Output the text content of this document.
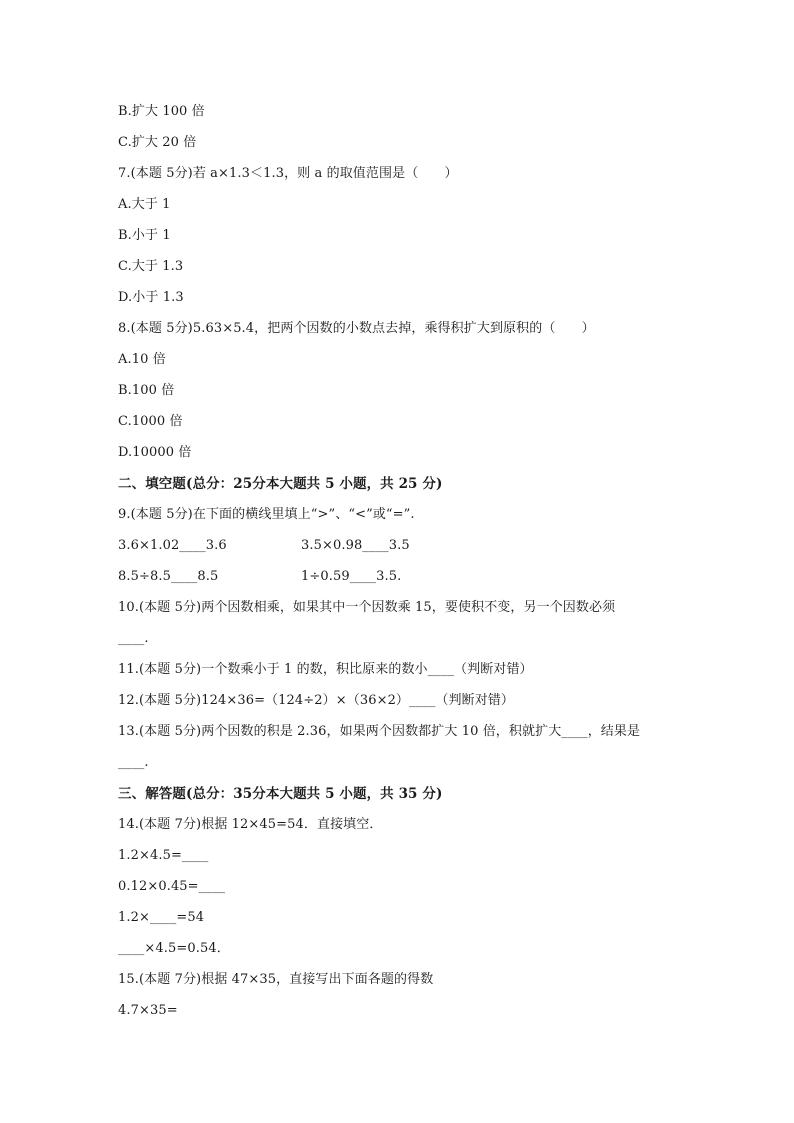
B.扩大 100 倍
C.扩大 20 倍
7.(本题 5分)若 a×1.3＜1.3，则 a 的取值范围是（　　）
A.大于 1
B.小于 1
C.大于 1.3
D.小于 1.3
8.(本题 5分)5.63×5.4，把两个因数的小数点去掉，乘得积扩大到原积的（　　）
A.10 倍
B.100 倍
C.1000 倍
D.10000 倍
二、填空题(总分：25分本大题共 5 小题，共 25 分)
9.(本题 5分)在下面的横线里填上“>”、“<”或“=”.
3.6×1.02____3.6	3.5×0.98____3.5
8.5÷8.5____8.5	1÷0.59____3.5.
10.(本题 5分)两个因数相乘，如果其中一个因数乘 15，要使积不变，另一个因数必须
____.
11.(本题 5分)一个数乘小于 1 的数，积比原来的数小____（判断对错）
12.(本题 5分)124×36=（124÷2）×（36×2）____（判断对错）
13.(本题 5分)两个因数的积是 2.36，如果两个因数都扩大 10 倍，积就扩大____，结果是
____.
三、解答题(总分：35分本大题共 5 小题，共 35 分)
14.(本题 7分)根据 12×45=54．直接填空．
1.2×4.5=____
0.12×0.45=____
1.2×____=54
____×4.5=0.54．
15.(本题 7分)根据 47×35，直接写出下面各题的得数
4.7×35=
